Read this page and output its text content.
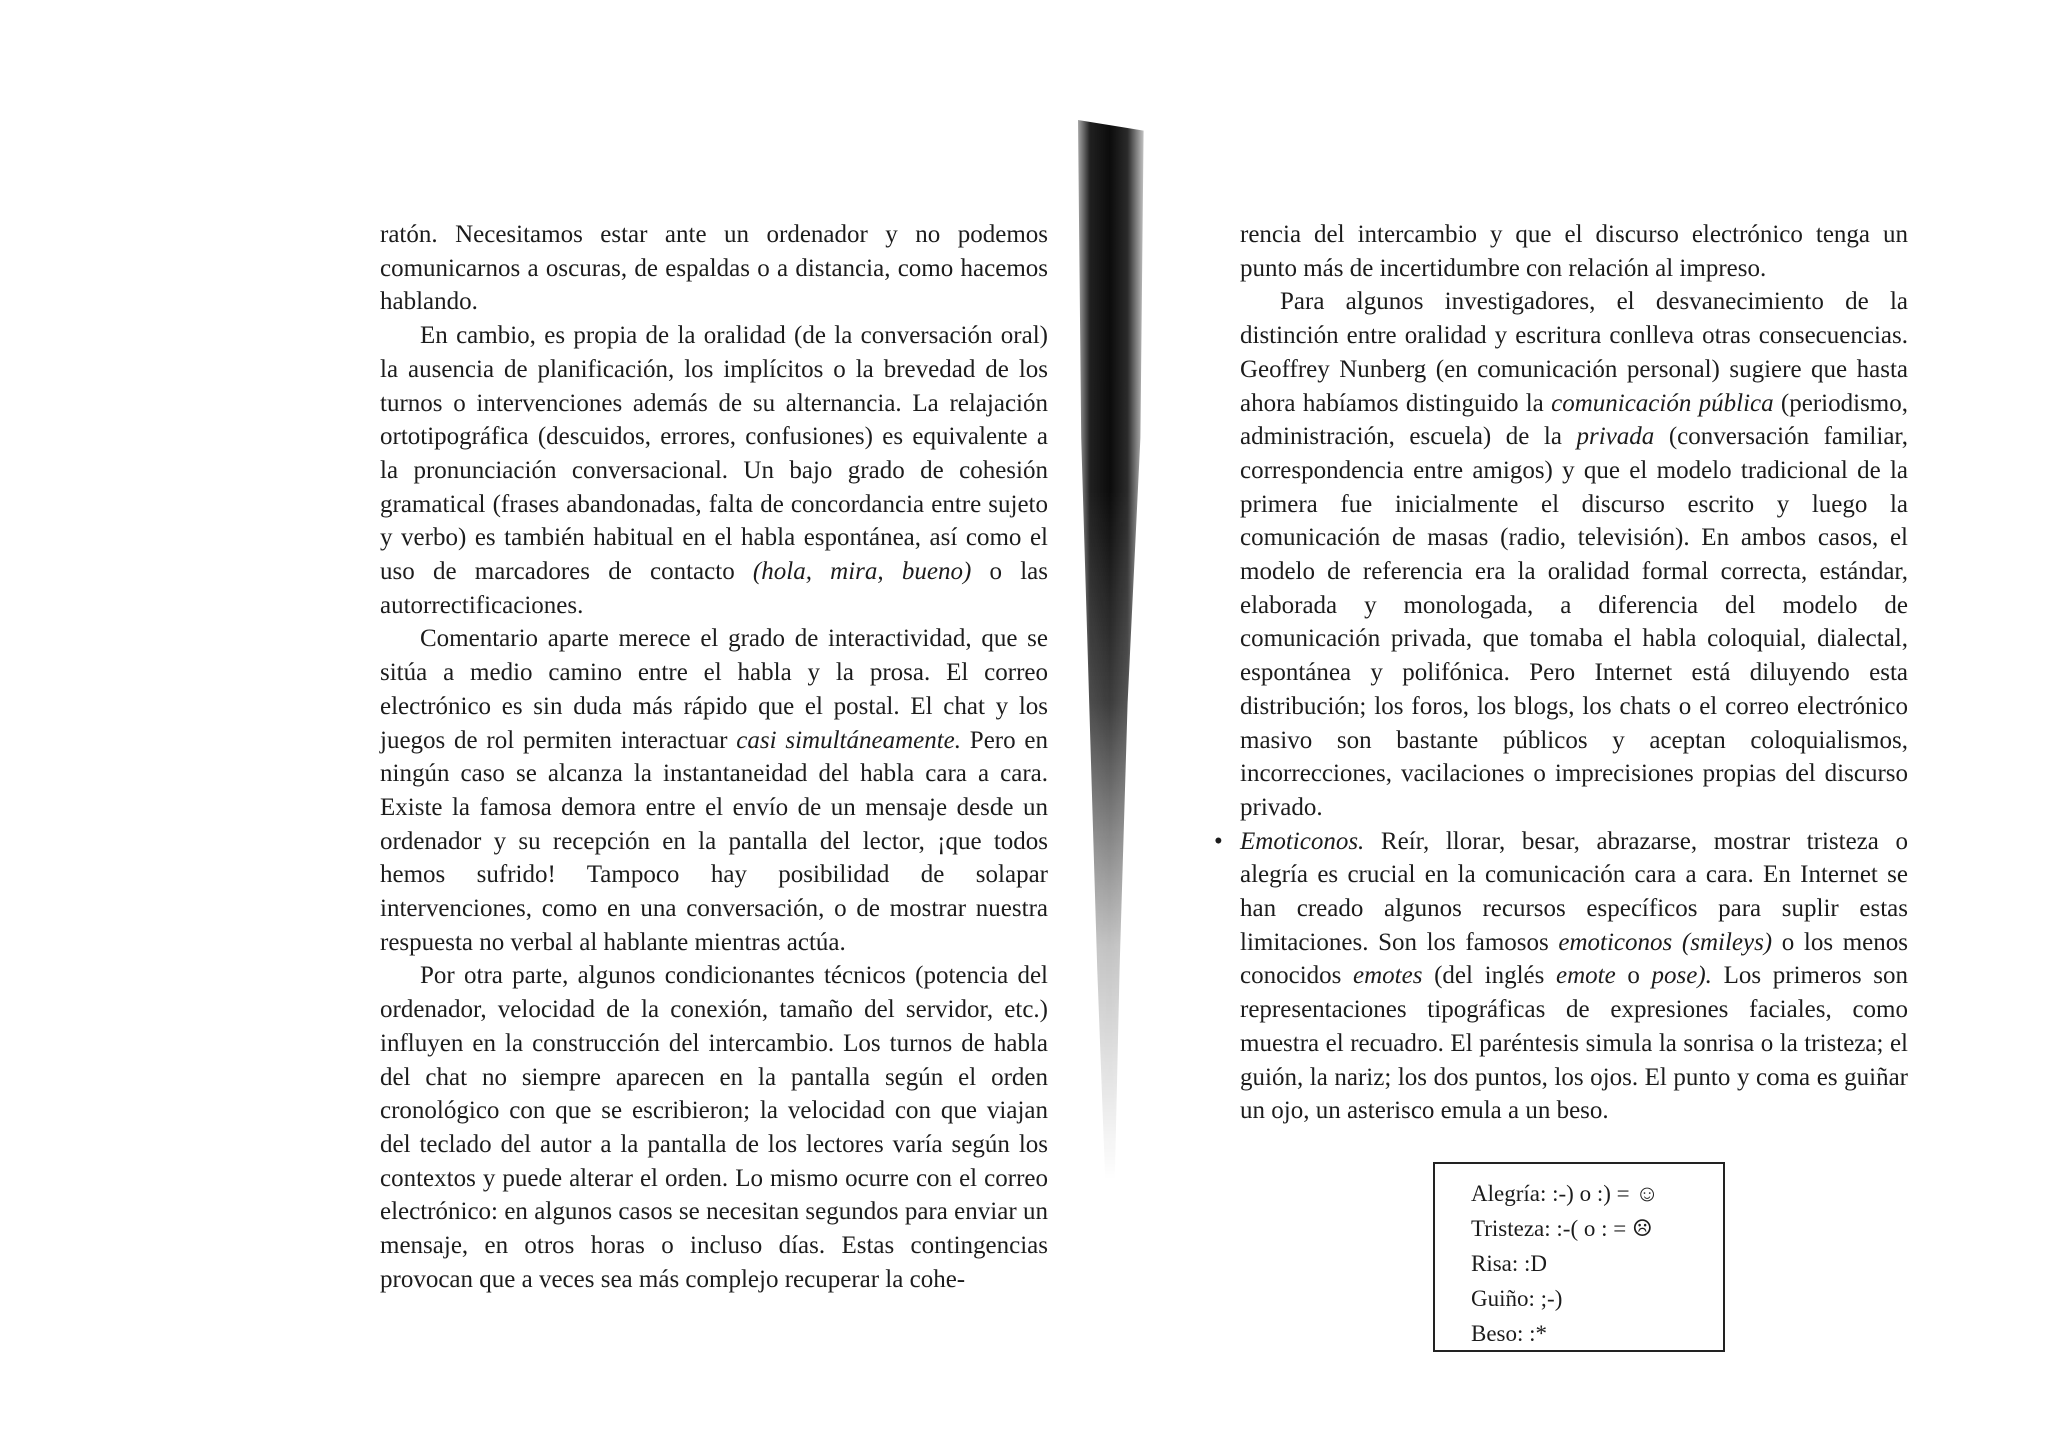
ratón. Necesitamos estar ante un ordenador y no podemos comunicarnos a oscuras, de espaldas o a distancia, como hacemos hablando.

En cambio, es propia de la oralidad (de la conversación oral) la ausencia de planificación, los implícitos o la brevedad de los turnos o intervenciones además de su alternancia. La relajación ortotipográfica (descuidos, errores, confusiones) es equivalente a la pronunciación conversacional. Un bajo grado de cohesión gramatical (frases abandonadas, falta de concordancia entre sujeto y verbo) es también habitual en el habla espontánea, así como el uso de marcadores de contacto (hola, mira, bueno) o las autorrectificaciones.

Comentario aparte merece el grado de interactividad, que se sitúa a medio camino entre el habla y la prosa. El correo electrónico es sin duda más rápido que el postal. El chat y los juegos de rol permiten interactuar casi simultáneamente. Pero en ningún caso se alcanza la instantaneidad del habla cara a cara. Existe la famosa demora entre el envío de un mensaje desde un ordenador y su recepción en la pantalla del lector, ¡que todos hemos sufrido! Tampoco hay posibilidad de solapar intervenciones, como en una conversación, o de mostrar nuestra respuesta no verbal al hablante mientras actúa.

Por otra parte, algunos condicionantes técnicos (potencia del ordenador, velocidad de la conexión, tamaño del servidor, etc.) influyen en la construcción del intercambio. Los turnos de habla del chat no siempre aparecen en la pantalla según el orden cronológico con que se escribieron; la velocidad con que viajan del teclado del autor a la pantalla de los lectores varía según los contextos y puede alterar el orden. Lo mismo ocurre con el correo electrónico: en algunos casos se necesitan segundos para enviar un mensaje, en otros horas o incluso días. Estas contingencias provocan que a veces sea más complejo recuperar la cohe-

rencia del intercambio y que el discurso electrónico tenga un punto más de incertidumbre con relación al impreso.

Para algunos investigadores, el desvanecimiento de la distinción entre oralidad y escritura conlleva otras consecuencias. Geoffrey Nunberg (en comunicación personal) sugiere que hasta ahora habíamos distinguido la comunicación pública (periodismo, administración, escuela) de la privada (conversación familiar, correspondencia entre amigos) y que el modelo tradicional de la primera fue inicialmente el discurso escrito y luego la comunicación de masas (radio, televisión). En ambos casos, el modelo de referencia era la oralidad formal correcta, estándar, elaborada y monologada, a diferencia del modelo de comunicación privada, que tomaba el habla coloquial, dialectal, espontánea y polifónica. Pero Internet está diluyendo esta distribución; los foros, los blogs, los chats o el correo electrónico masivo son bastante públicos y aceptan coloquialismos, incorrecciones, vacilaciones o imprecisiones propias del discurso privado.

• Emoticonos. Reír, llorar, besar, abrazarse, mostrar tristeza o alegría es crucial en la comunicación cara a cara. En Internet se han creado algunos recursos específicos para suplir estas limitaciones. Son los famosos emoticonos (smileys) o los menos conocidos emotes (del inglés emote o pose). Los primeros son representaciones tipográficas de expresiones faciales, como muestra el recuadro. El paréntesis simula la sonrisa o la tristeza; el guión, la nariz; los dos puntos, los ojos. El punto y coma es guiñar un ojo, un asterisco emula a un beso.

Alegría: :-) o :) = ☺
Tristeza: :-( o : = ☹
Risa: :D
Guiño: ;-)
Beso: :*
